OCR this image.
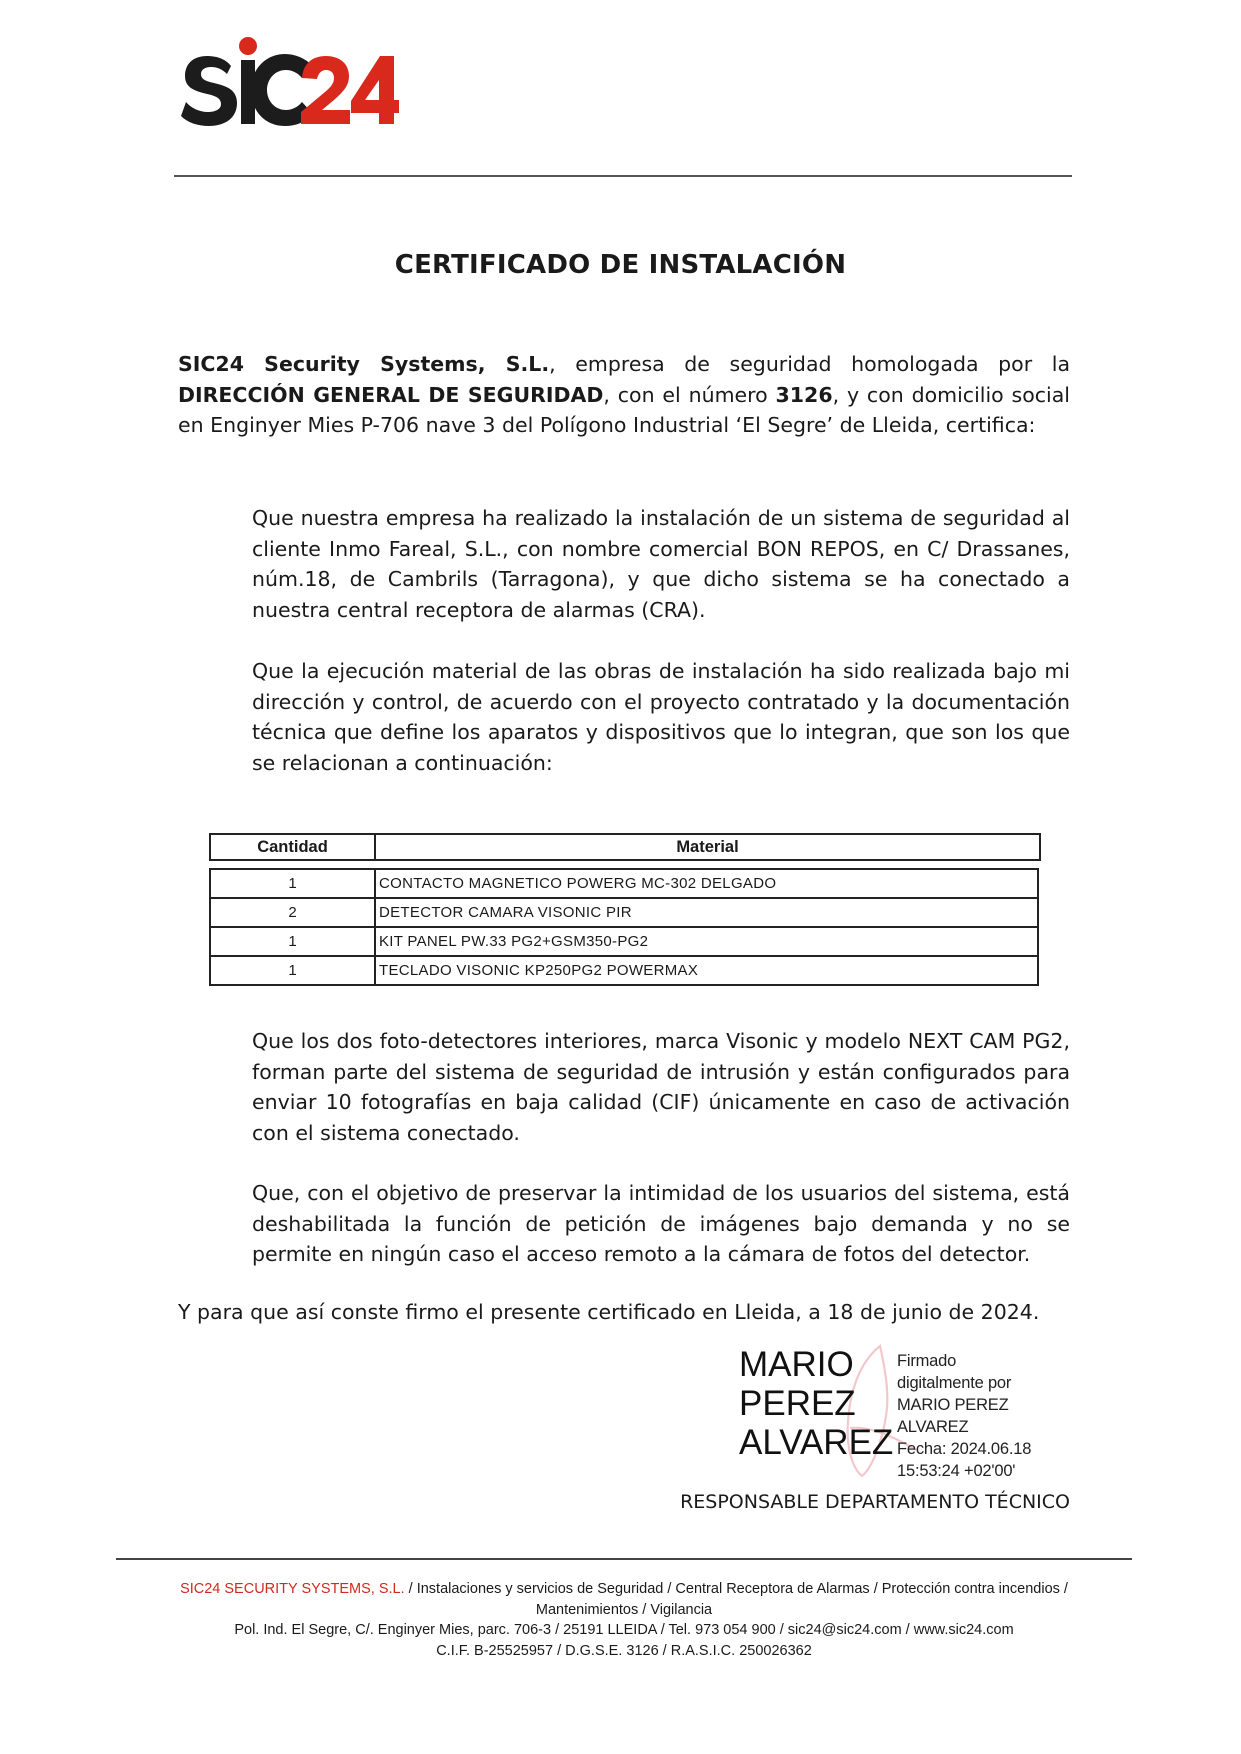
CERTIFICADO DE INSTALACIÓN
SIC24 Security Systems, S.L., empresa de seguridad homologada por la DIRECCIÓN GENERAL DE SEGURIDAD, con el número 3126, y con domicilio social en Enginyer Mies P-706 nave 3 del Polígono Industrial ‘El Segre’ de Lleida, certifica:
Que nuestra empresa ha realizado la instalación de un sistema de seguridad al cliente Inmo Fareal, S.L., con nombre comercial BON REPOS, en C/ Drassanes, núm.18, de Cambrils (Tarragona), y que dicho sistema se ha conectado a nuestra central receptora de alarmas (CRA).
Que la ejecución material de las obras de instalación ha sido realizada bajo mi dirección y control, de acuerdo con el proyecto contratado y la documentación técnica que define los aparatos y dispositivos que lo integran, que son los que se relacionan a continuación:
Cantidad	Material
1	CONTACTO MAGNETICO POWERG MC-302 DELGADO
2	DETECTOR CAMARA VISONIC PIR
1	KIT PANEL PW.33 PG2+GSM350-PG2
1	TECLADO VISONIC KP250PG2 POWERMAX
Que los dos foto-detectores interiores, marca Visonic y modelo NEXT CAM PG2, forman parte del sistema de seguridad de intrusión y están configurados para enviar 10 fotografías en baja calidad (CIF) únicamente en caso de activación con el sistema conectado.
Que, con el objetivo de preservar la intimidad de los usuarios del sistema, está deshabilitada la función de petición de imágenes bajo demanda y no se permite en ningún caso el acceso remoto a la cámara de fotos del detector.
Y para que así conste firmo el presente certificado en Lleida, a 18 de junio de 2024.
MARIO
PEREZ
ALVAREZ
Firmado
digitalmente por
MARIO PEREZ
ALVAREZ
Fecha: 2024.06.18
15:53:24 +02'00'
RESPONSABLE DEPARTAMENTO TÉCNICO
SIC24 SECURITY SYSTEMS, S.L. / Instalaciones y servicios de Seguridad / Central Receptora de Alarmas / Protección contra incendios /
Mantenimientos / Vigilancia
Pol. Ind. El Segre, C/. Enginyer Mies, parc. 706-3 / 25191 LLEIDA / Tel. 973 054 900 / sic24@sic24.com / www.sic24.com
C.I.F. B-25525957 / D.G.S.E. 3126 / R.A.S.I.C. 250026362
